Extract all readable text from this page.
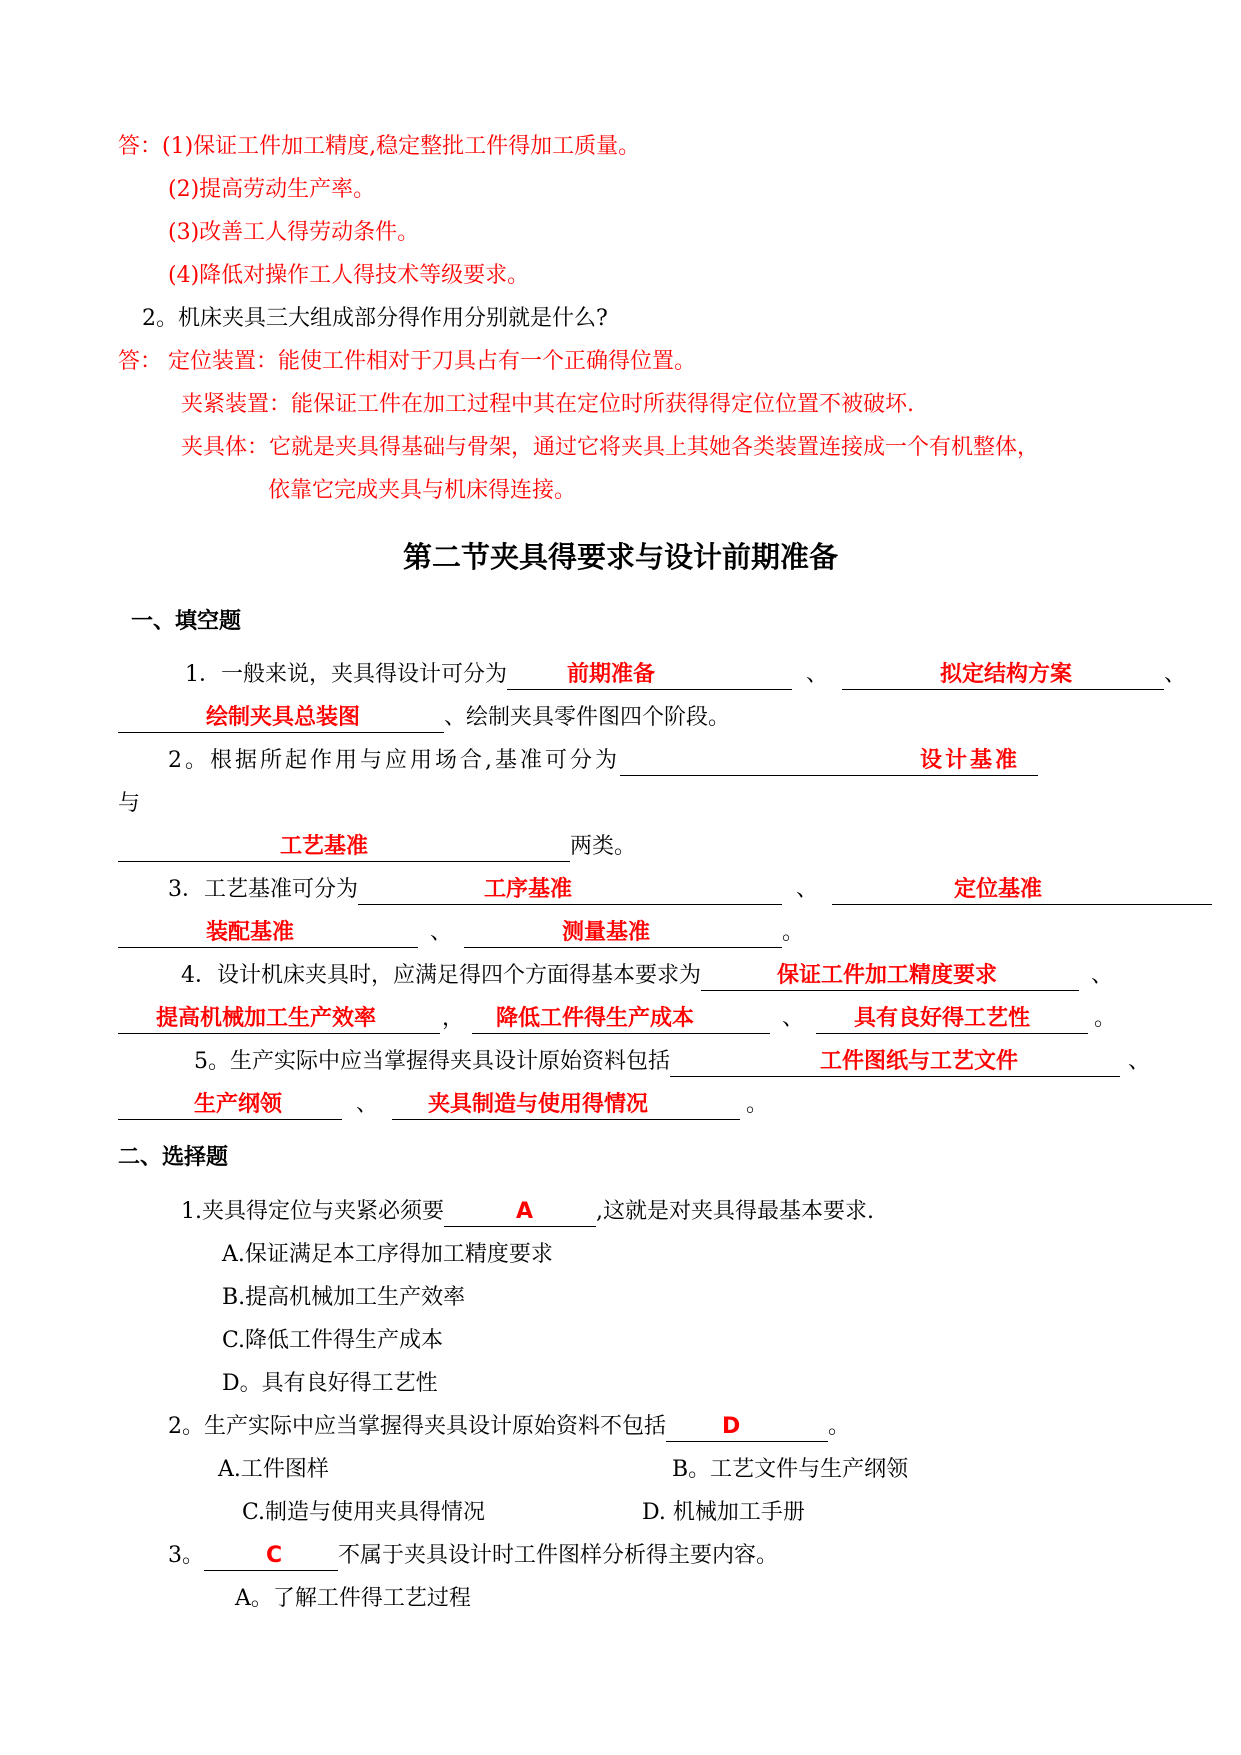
答：(1)保证工件加工精度,稳定整批工件得加工质量。
(2)提高劳动生产率。
(3)改善工人得劳动条件。
(4)降低对操作工人得技术等级要求。
2。机床夹具三大组成部分得作用分别就是什么?
答： 定位装置：能使工件相对于刀具占有一个正确得位置。
夹紧装置：能保证工件在加工过程中其在定位时所获得得定位位置不被破坏.
夹具体：它就是夹具得基础与骨架，通过它将夹具上其她各类装置连接成一个有机整体，
依靠它完成夹具与机床得连接。
第二节夹具得要求与设计前期准备
一、填空题
1．一般来说，夹具得设计可分为	前期准备	、	拟定结构方案	、
绘制夹具总装图	、绘制夹具零件图四个阶段。
2。根据所起作用与应用场合,基准可分为	设计基准
与
工艺基准	两类。
3．工艺基准可分为	工序基准	、	定位基准
装配基准	、	测量基准	。
4．设计机床夹具时，应满足得四个方面得基本要求为	保证工件加工精度要求	、
提高机械加工生产效率	， 降低工件得生产成本	、 具有良好得工艺性	。
5。生产实际中应当掌握得夹具设计原始资料包括	工件图纸与工艺文件	、
生产纲领	、 夹具制造与使用得情况	。
二、选择题
1.夹具得定位与夹紧必须要	A	,这就是对夹具得最基本要求.
A.保证满足本工序得加工精度要求
B.提高机械加工生产效率
C.降低工件得生产成本
D。具有良好得工艺性
2。生产实际中应当掌握得夹具设计原始资料不包括	D	。
A.工件图样	B。工艺文件与生产纲领
C.制造与使用夹具得情况	D. 机械加工手册
3。	C	不属于夹具设计时工件图样分析得主要内容。
A。了解工件得工艺过程
